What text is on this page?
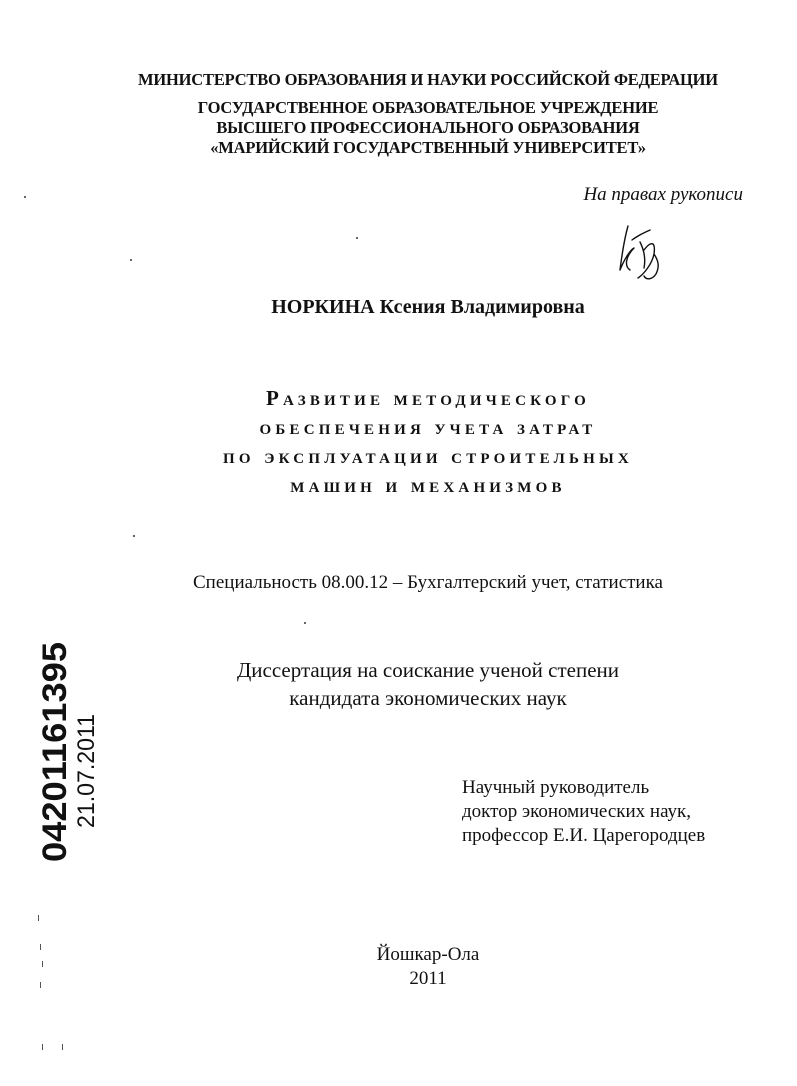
МИНИСТЕРСТВО ОБРАЗОВАНИЯ И НАУКИ РОССИЙСКОЙ ФЕДЕРАЦИИ
ГОСУДАРСТВЕННОЕ ОБРАЗОВАТЕЛЬНОЕ УЧРЕЖДЕНИЕ
ВЫСШЕГО ПРОФЕССИОНАЛЬНОГО ОБРАЗОВАНИЯ
«МАРИЙСКИЙ ГОСУДАРСТВЕННЫЙ УНИВЕРСИТЕТ»
На правах рукописи
НОРКИНА Ксения Владимировна
Развитие методического
обеспечения учета затрат
по эксплуатации строительных
машин и механизмов
Специальность 08.00.12 – Бухгалтерский учет, статистика
Диссертация на соискание ученой степени
кандидата экономических наук
Научный руководитель
доктор экономических наук,
профессор Е.И. Царегородцев
Йошкар-Ола
2011
04201161395 21.07.2011
